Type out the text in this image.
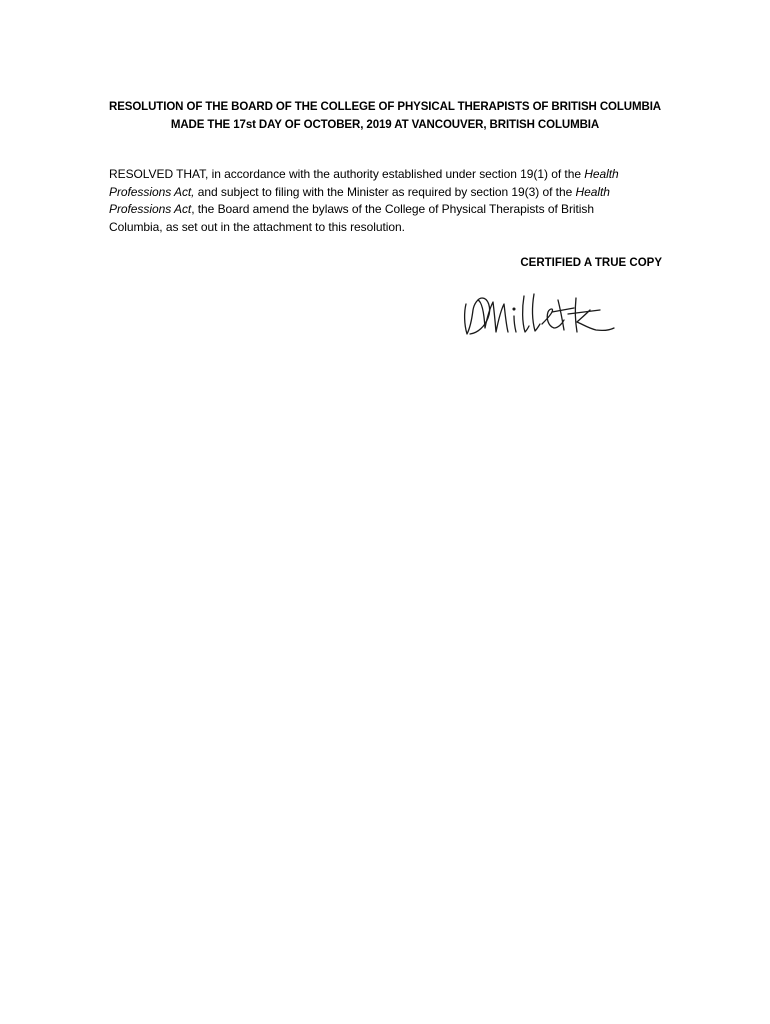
RESOLUTION OF THE BOARD OF THE COLLEGE OF PHYSICAL THERAPISTS OF BRITISH COLUMBIA
MADE THE 17st DAY OF OCTOBER, 2019 AT VANCOUVER, BRITISH COLUMBIA
RESOLVED THAT, in accordance with the authority established under section 19(1) of the Health
Professions Act, and subject to filing with the Minister as required by section 19(3) of the Health
Professions Act, the Board amend the bylaws of the College of Physical Therapists of British
Columbia, as set out in the attachment to this resolution.
CERTIFIED A TRUE COPY
